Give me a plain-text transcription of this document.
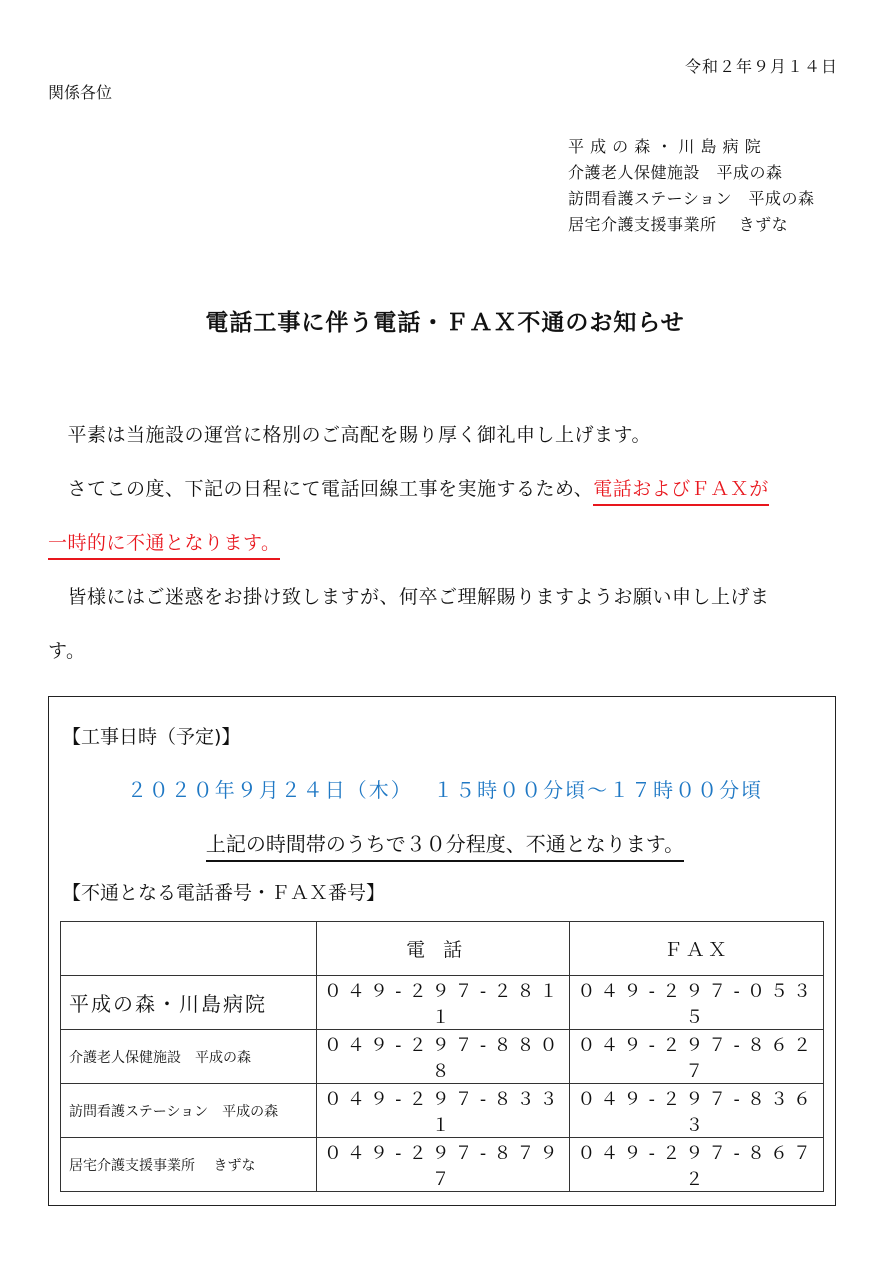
令和２年９月１４日
関係各位
平 成 の 森 ・ 川 島 病 院
介護老人保健施設　平成の森
訪問看護ステーション　平成の森
居宅介護支援事業所　 きずな
電話工事に伴う電話・ＦＡＸ不通のお知らせ
　平素は当施設の運営に格別のご高配を賜り厚く御礼申し上げます。
　さてこの度、下記の日程にて電話回線工事を実施するため、電話およびＦＡＸが
一時的に不通となります。
　皆様にはご迷惑をお掛け致しますが、何卒ご理解賜りますようお願い申し上げま
す。
【工事日時（予定)】
２０２０年９月２４日（木）　 １５時００分頃～１７時００分頃
上記の時間帯のうちで３０分程度、不通となります。
【不通となる電話番号・ＦＡＸ番号】
	電話	ＦＡＸ
平成の森・川島病院	０４９-２９７-２８１１	０４９-２９７-０５３５
介護老人保健施設　平成の森	０４９-２９７-８８０８	０４９-２９７-８６２７
訪問看護ステーション　平成の森	０４９-２９７-８３３１	０４９-２９７-８３６３
居宅介護支援事業所　 きずな	０４９-２９７-８７９７	０４９-２９７-８６７２
